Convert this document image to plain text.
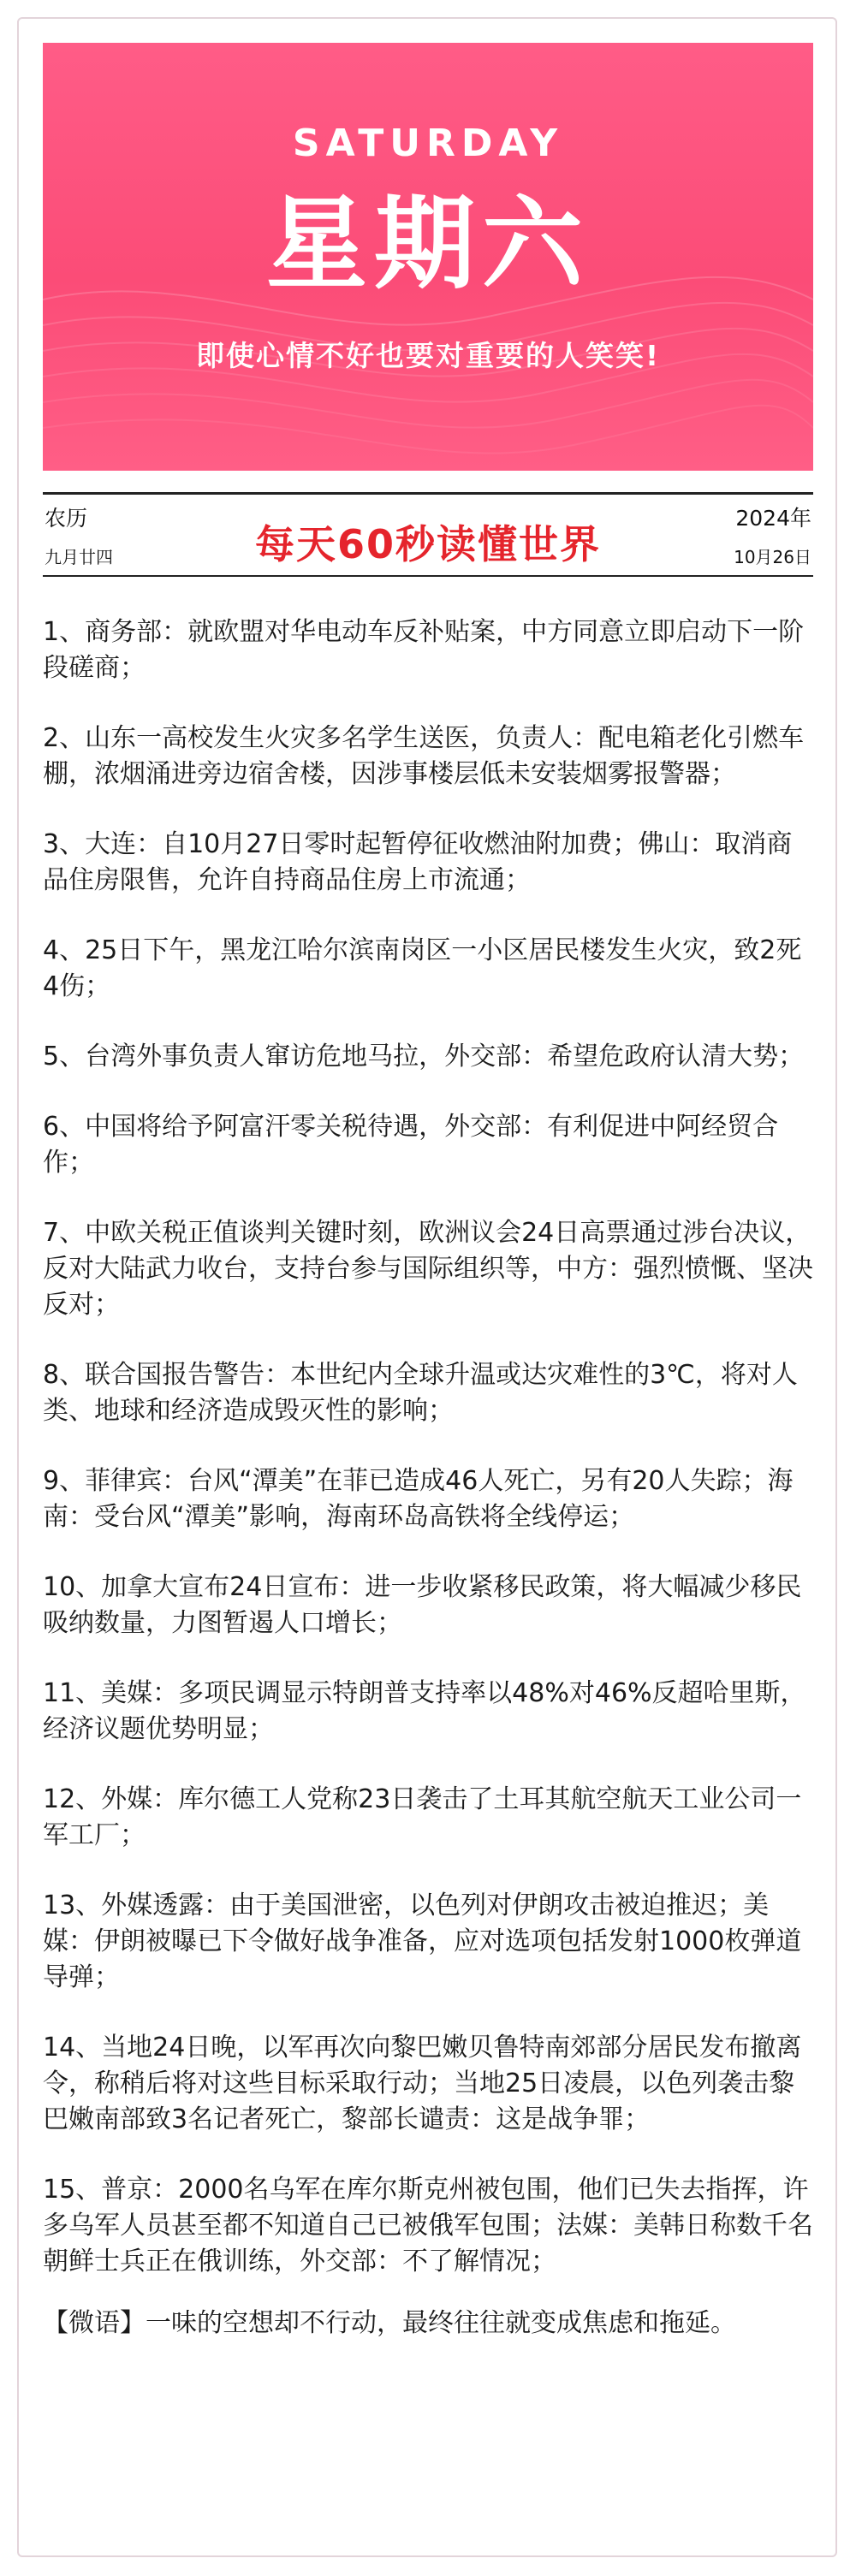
SATURDAY
星期六
即使心情不好也要对重要的人笑笑!
农历
九月廿四	每天60秒读懂世界
2024年
10月26日

1、商务部：就欧盟对华电动车反补贴案，中方同意立即启动下一阶段磋商；

2、山东一高校发生火灾多名学生送医，负责人：配电箱老化引燃车棚，浓烟涌进旁边宿舍楼，因涉事楼层低未安装烟雾报警器；

3、大连：自10月27日零时起暂停征收燃油附加费；佛山：取消商品住房限售，允许自持商品住房上市流通；

4、25日下午，黑龙江哈尔滨南岗区一小区居民楼发生火灾，致2死4伤；

5、台湾外事负责人窜访危地马拉，外交部：希望危政府认清大势；

6、中国将给予阿富汗零关税待遇，外交部：有利促进中阿经贸合作；

7、中欧关税正值谈判关键时刻，欧洲议会24日高票通过涉台决议，反对大陆武力收台，支持台参与国际组织等，中方：强烈愤慨、坚决反对；

8、联合国报告警告：本世纪内全球升温或达灾难性的3℃，将对人类、地球和经济造成毁灭性的影响；

9、菲律宾：台风“潭美”在菲已造成46人死亡，另有20人失踪；海南：受台风“潭美”影响，海南环岛高铁将全线停运；

10、加拿大宣布24日宣布：进一步收紧移民政策，将大幅减少移民吸纳数量，力图暂遏人口增长；

11、美媒：多项民调显示特朗普支持率以48%对46%反超哈里斯，经济议题优势明显；

12、外媒：库尔德工人党称23日袭击了土耳其航空航天工业公司一军工厂；

13、外媒透露：由于美国泄密，以色列对伊朗攻击被迫推迟；美媒：伊朗被曝已下令做好战争准备，应对选项包括发射1000枚弹道导弹；

14、当地24日晚，以军再次向黎巴嫩贝鲁特南郊部分居民发布撤离令，称稍后将对这些目标采取行动；当地25日凌晨，以色列袭击黎巴嫩南部致3名记者死亡，黎部长谴责：这是战争罪；

15、普京：2000名乌军在库尔斯克州被包围，他们已失去指挥，许多乌军人员甚至都不知道自己已被俄军包围；法媒：美韩日称数千名朝鲜士兵正在俄训练，外交部：不了解情况；

【微语】一味的空想却不行动，最终往往就变成焦虑和拖延。
